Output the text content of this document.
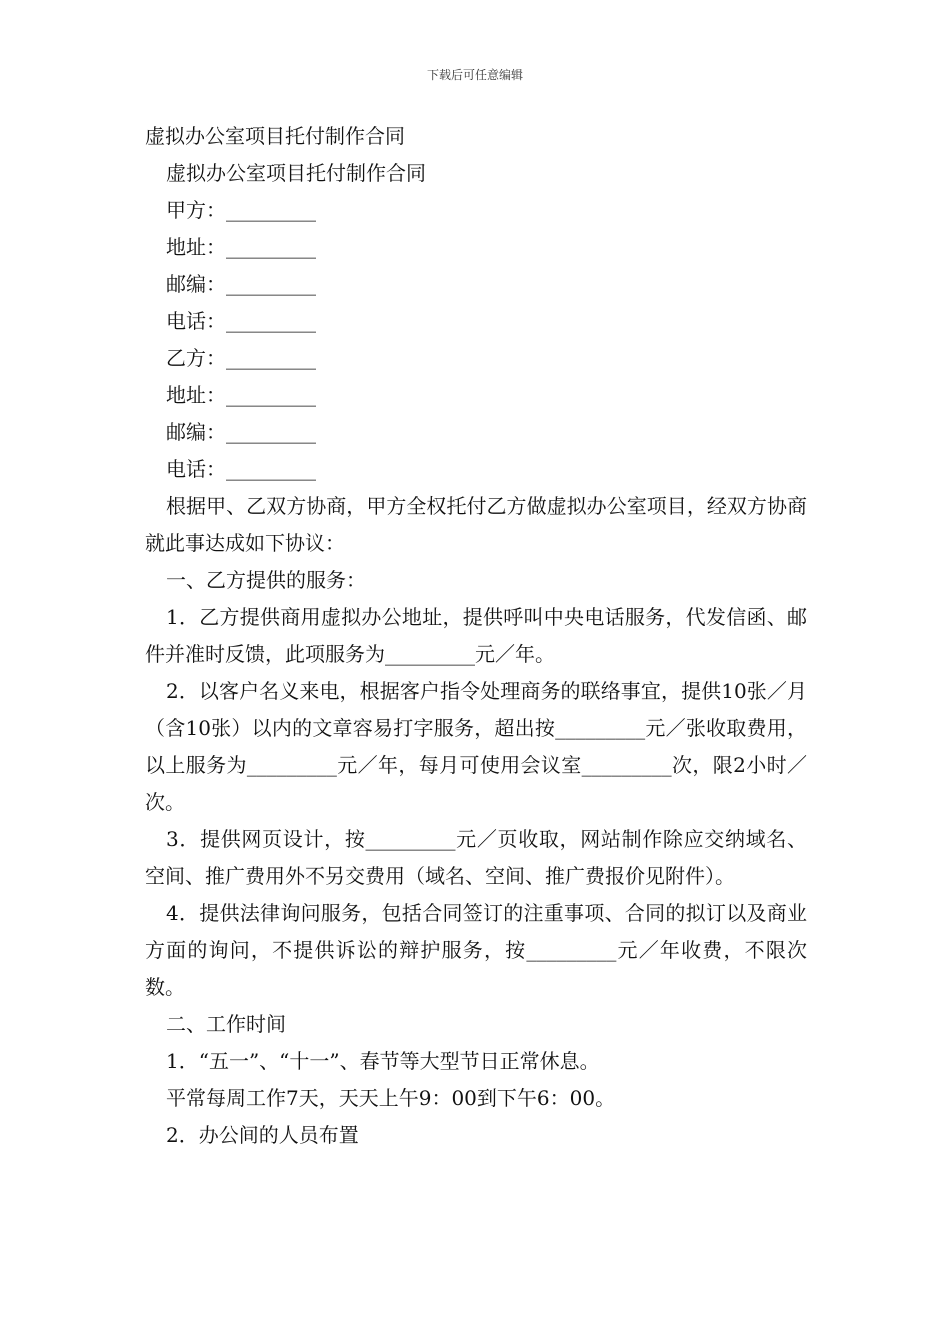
下载后可任意编辑
虚拟办公室项目托付制作合同
虚拟办公室项目托付制作合同
甲方：_________
地址：_________
邮编：_________
电话：_________
乙方：_________
地址：_________
邮编：_________
电话：_________
根据甲、乙双方协商，甲方全权托付乙方做虚拟办公室项目，经双方协商就此事达成如下协议：
一、乙方提供的服务：
1．乙方提供商用虚拟办公地址，提供呼叫中央电话服务，代发信函、邮件并准时反馈，此项服务为_________元／年。
2．以客户名义来电，根据客户指令处理商务的联络事宜，提供10张／月（含10张）以内的文章容易打字服务，超出按_________元／张收取费用，以上服务为_________元／年，每月可使用会议室_________次，限2小时／次。
3．提供网页设计，按_________元／页收取，网站制作除应交纳域名、空间、推广费用外不另交费用（域名、空间、推广费报价见附件）。
4．提供法律询问服务，包括合同签订的注重事项、合同的拟订以及商业方面的询问，不提供诉讼的辩护服务，按_________元／年收费，不限次数。
二、工作时间
1．“五一”、“十一”、春节等大型节日正常休息。
平常每周工作7天，天天上午9：00到下午6：00。
2．办公间的人员布置
